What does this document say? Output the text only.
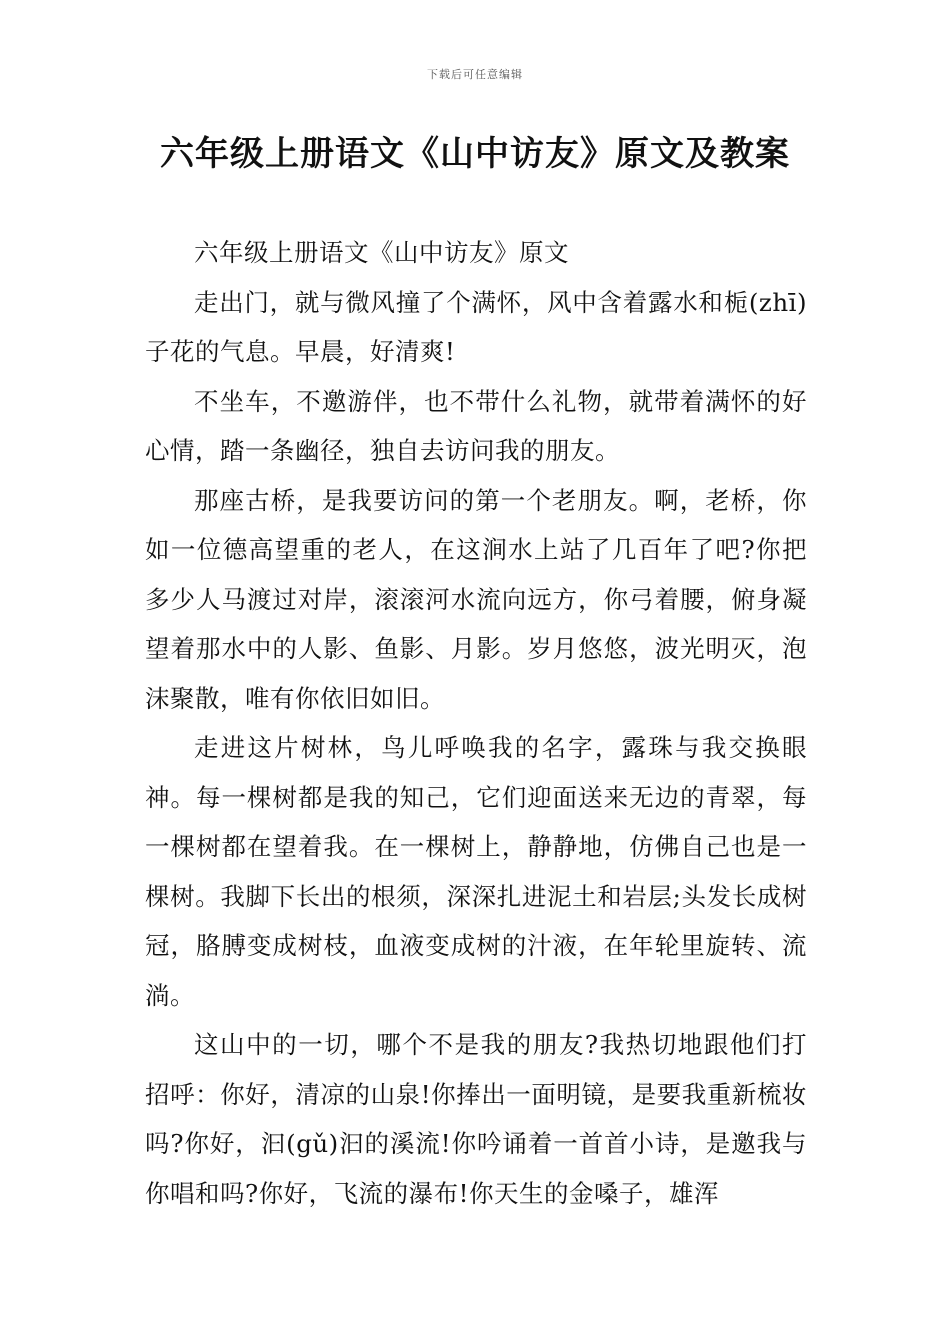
下载后可任意编辑
六年级上册语文《山中访友》原文及教案

六年级上册语文《山中访友》原文

走出门，就与微风撞了个满怀，风中含着露水和栀(zhī)子花的气息。早晨，好清爽!

不坐车，不邀游伴，也不带什么礼物，就带着满怀的好心情，踏一条幽径，独自去访问我的朋友。

那座古桥，是我要访问的第一个老朋友。啊，老桥，你如一位德高望重的老人，在这涧水上站了几百年了吧?你把多少人马渡过对岸，滚滚河水流向远方，你弓着腰，俯身凝望着那水中的人影、鱼影、月影。岁月悠悠，波光明灭，泡沫聚散，唯有你依旧如旧。

走进这片树林，鸟儿呼唤我的名字，露珠与我交换眼神。每一棵树都是我的知己，它们迎面送来无边的青翠，每一棵树都在望着我。在一棵树上，静静地，仿佛自己也是一棵树。我脚下长出的根须，深深扎进泥土和岩层;头发长成树冠，胳膊变成树枝，血液变成树的汁液，在年轮里旋转、流淌。

这山中的一切，哪个不是我的朋友?我热切地跟他们打招呼：你好，清凉的山泉!你捧出一面明镜，是要我重新梳妆吗?你好，汩(gǔ)汩的溪流!你吟诵着一首首小诗，是邀我与你唱和吗?你好，飞流的瀑布!你天生的金嗓子，雄浑
